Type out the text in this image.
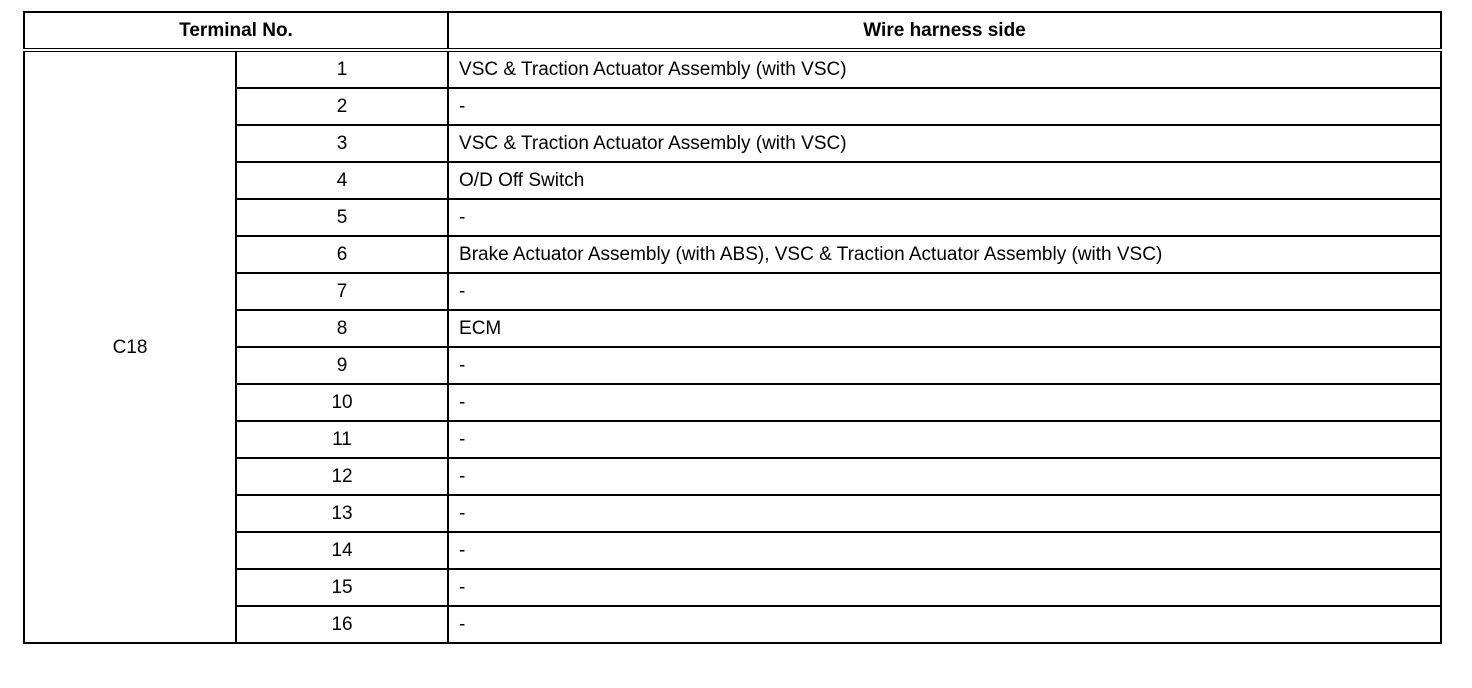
Terminal No.		Wire harness side
C18	1	VSC & Traction Actuator Assembly (with VSC)
	2	-
	3	VSC & Traction Actuator Assembly (with VSC)
	4	O/D Off Switch
	5	-
	6	Brake Actuator Assembly (with ABS), VSC & Traction Actuator Assembly (with VSC)
	7	-
	8	ECM
	9	-
	10	-
	11	-
	12	-
	13	-
	14	-
	15	-
	16	-
